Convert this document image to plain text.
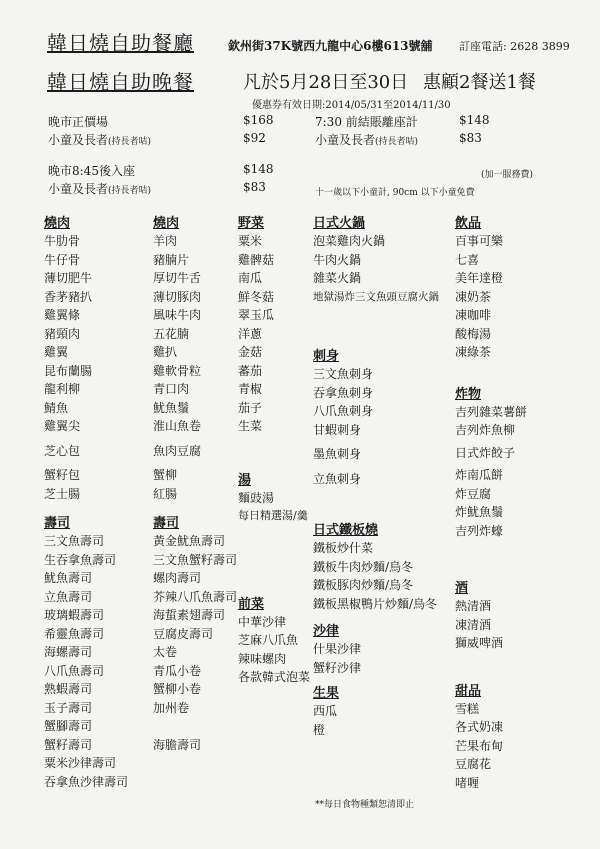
韓日燒自助餐廳	欽州街37K號西九龍中心6樓613號舖 訂座電話: 2628 3899
韓日燒自助晚餐	凡於5月28日至30日 惠顧2餐送1餐
優惠券有效日期:2014/05/31至2014/11/30
晚市正價場	$168	7:30 前結賬離座計	$148
小童及長者(持長者咭)	$92	小童及長者(持長者咭)	$83
晚市8:45後入座	$148	(加一服務費)
小童及長者(持長者咭)	$83	十一歲以下小童計, 90cm 以下小童免費
燒肉
牛肋骨
牛仔骨
薄切肥牛
香茅豬扒
雞翼條
豬頸肉
雞翼
昆布蘭腸
龍利柳
鯖魚
雞翼尖
芝心包
蟹籽包
芝士腸
壽司
三文魚壽司
生吞拿魚壽司
魷魚壽司
立魚壽司
玻璃蝦壽司
希靈魚壽司
海螺壽司
八爪魚壽司
熟蝦壽司
玉子壽司
蟹腳壽司
蟹籽壽司
粟米沙律壽司
吞拿魚沙律壽司
燒肉
羊肉
豬腩片
厚切牛舌
薄切豚肉
風味牛肉
五花腩
雞扒
雞軟骨粒
青口肉
魷魚鬚
淮山魚卷
魚肉豆腐
蟹柳
紅腸
壽司
黃金魷魚壽司
三文魚蟹籽壽司
螺肉壽司
芥辣八爪魚壽司
海蜇素翅壽司
豆腐皮壽司
太卷
青瓜小卷
蟹柳小卷
加州卷
海膽壽司
野菜
粟米
雞髀菇
南瓜
鮮冬菇
翠玉瓜
洋蔥
金菇
蕃茄
青椒
茄子
生菜
湯
麵豉湯
每日精選湯/羹
前菜
中華沙律
芝麻八爪魚
辣味螺肉
各款韓式泡菜
日式火鍋
泡菜雞肉火鍋
牛肉火鍋
雜菜火鍋
地獄湯炸三文魚頭豆腐火鍋
刺身
三文魚刺身
吞拿魚刺身
八爪魚刺身
甘蝦刺身
墨魚刺身
立魚刺身
日式鐵板燒
鐵板炒什菜
鐵板牛肉炒麵/烏冬
鐵板豚肉炒麵/烏冬
鐵板黑椒鴨片炒麵/烏冬
沙律
什果沙律
蟹籽沙律
生果
西瓜
橙
飲品
百事可樂
七喜
美年達橙
凍奶茶
凍咖啡
酸梅湯
凍綠茶
炸物
吉列雜菜薯餅
吉列炸魚柳
日式炸餃子
炸南瓜餅
炸豆腐
炸魷魚鬚
吉列炸蠔
酒
熱清酒
凍清酒
獅威啤酒
甜品
雪糕
各式奶凍
芒果布甸
豆腐花
啫喱
**每日食物種類恕清即止
